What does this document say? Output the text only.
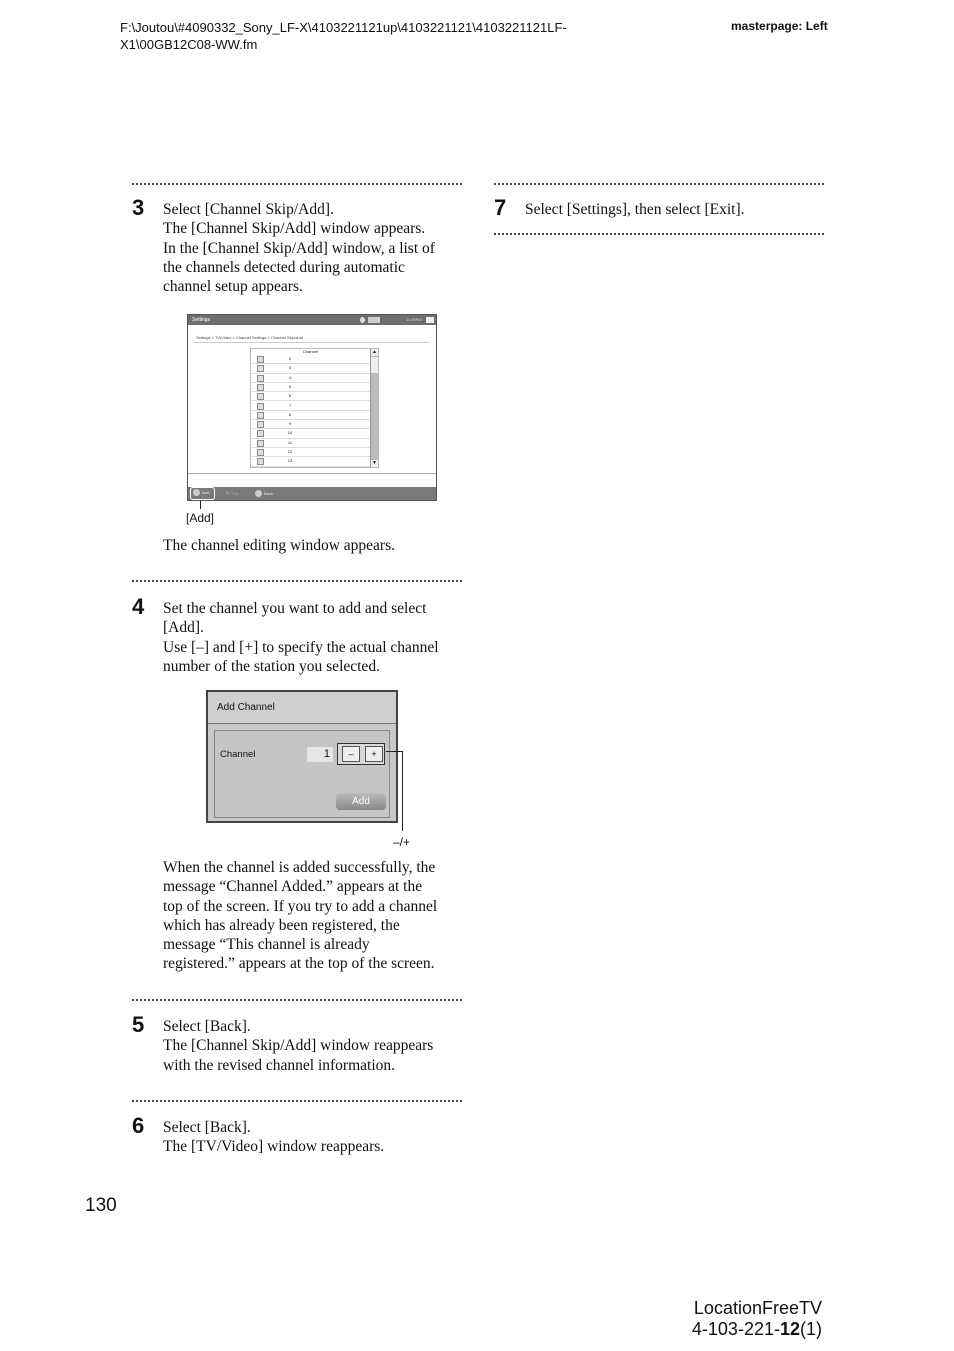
F:\Joutou\#4090332_Sony_LF-X\4103221121up\4103221121\4103221121LF-
X1\00GB12C08-WW.fm
masterpage: Left
3 Select [Channel Skip/Add].
The [Channel Skip/Add] window appears.
In the [Channel Skip/Add] window, a list of
the channels detected during automatic
channel setup appears.
Settings	11:30PM
Settings > TV/Video > Channel Settings > Channel Skip/Add
Channel
2
3
4
5
6
7
8
9
10
11
12
13
▲
▼
Add	✕ Skip	Back
[Add]
The channel editing window appears.
4 Set the channel you want to add and select
[Add].
Use [–] and [+] to specify the actual channel
number of the station you selected.
Add Channel
Channel	1	–	+
Add
–/+
When the channel is added successfully, the
message “Channel Added.” appears at the
top of the screen. If you try to add a channel
which has already been registered, the
message “This channel is already
registered.” appears at the top of the screen.
5 Select [Back].
The [Channel Skip/Add] window reappears
with the revised channel information.
6 Select [Back].
The [TV/Video] window reappears.
7 Select [Settings], then select [Exit].
130
LocationFreeTV
4-103-221-12(1)
